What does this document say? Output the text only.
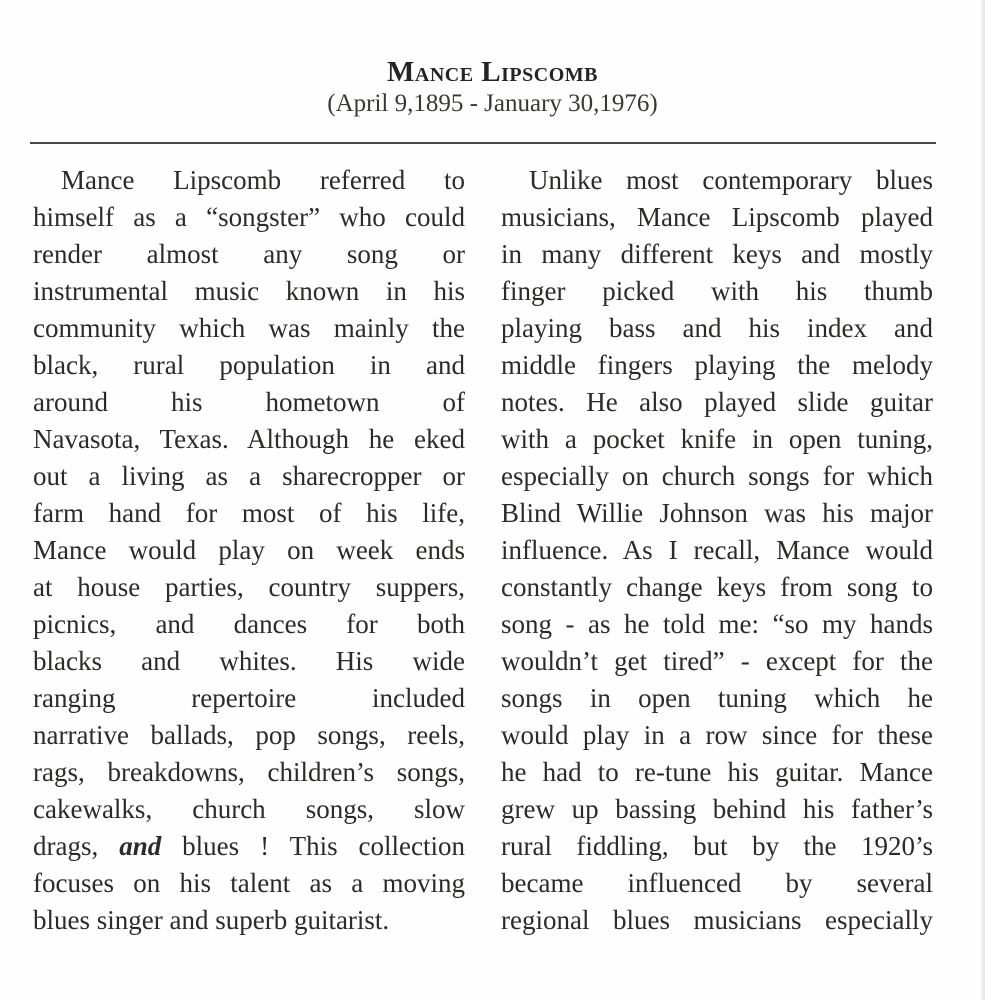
Mance Lipscomb
(April 9,1895 - January 30,1976)
Mance Lipscomb referred to
himself as a “songster” who could
render almost any song or
instrumental music known in his
community which was mainly the
black, rural population in and
around his hometown of
Navasota, Texas. Although he eked
out a living as a sharecropper or
farm hand for most of his life,
Mance would play on week ends
at house parties, country suppers,
picnics, and dances for both
blacks and whites. His wide
ranging repertoire included
narrative ballads, pop songs, reels,
rags, breakdowns, children’s songs,
cakewalks, church songs, slow
drags, and blues ! This collection
focuses on his talent as a moving
blues singer and superb guitarist.
Unlike most contemporary blues
musicians, Mance Lipscomb played
in many different keys and mostly
finger picked with his thumb
playing bass and his index and
middle fingers playing the melody
notes. He also played slide guitar
with a pocket knife in open tuning,
especially on church songs for which
Blind Willie Johnson was his major
influence. As I recall, Mance would
constantly change keys from song to
song - as he told me: “so my hands
wouldn’t get tired” - except for the
songs in open tuning which he
would play in a row since for these
he had to re-tune his guitar. Mance
grew up bassing behind his father’s
rural fiddling, but by the 1920’s
became influenced by several
regional blues musicians especially
